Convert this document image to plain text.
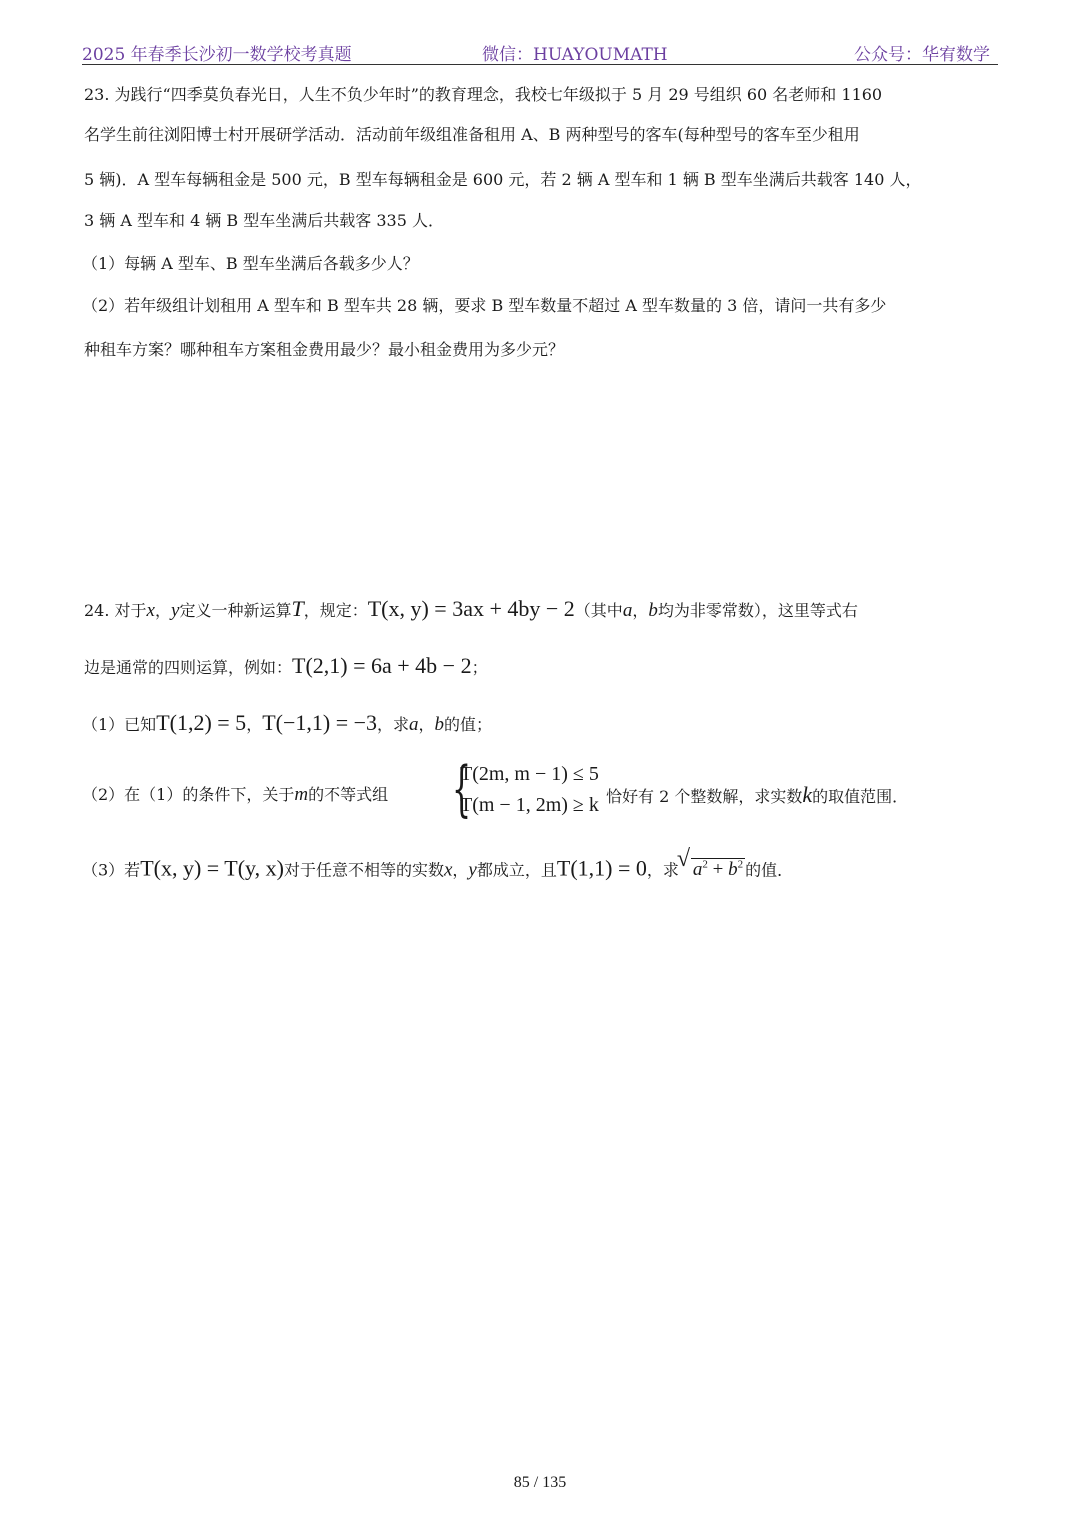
2025 年春季长沙初一数学校考真题	微信：HUAYOUMATH	公众号：华宥数学
23. 为践行“四季莫负春光日，人生不负少年时”的教育理念，我校七年级拟于 5 月 29 号组织 60 名老师和 1160
名学生前往浏阳博士村开展研学活动．活动前年级组准备租用 A、B 两种型号的客车(每种型号的客车至少租用
5 辆)．A 型车每辆租金是 500 元，B 型车每辆租金是 600 元，若 2 辆 A 型车和 1 辆 B 型车坐满后共载客 140 人，
3 辆 A 型车和 4 辆 B 型车坐满后共载客 335 人．
（1）每辆 A 型车、B 型车坐满后各载多少人？
（2）若年级组计划租用 A 型车和 B 型车共 28 辆，要求 B 型车数量不超过 A 型车数量的 3 倍，请问一共有多少
种租车方案？哪种租车方案租金费用最少？最小租金费用为多少元？
24. 对于x，y定义一种新运算T，规定：T(x, y) = 3ax + 4by − 2（其中a，b均为非零常数），这里等式右
边是通常的四则运算，例如：T(2,1) = 6a + 4b − 2；
（1）已知T(1,2) = 5，T(−1,1) = −3，求a，b的值；
（2）在（1）的条件下，关于m的不等式组 {
T(2m, m − 1) ≤ 5
T(m − 1, 2m) ≥ k 恰好有 2 个整数解，求实数k的取值范围．
（3）若T(x, y) = T(y, x)对于任意不相等的实数x，y都成立，且T(1,1) = 0，求√ $a^2 + b^2$ 的值．
85 / 135
